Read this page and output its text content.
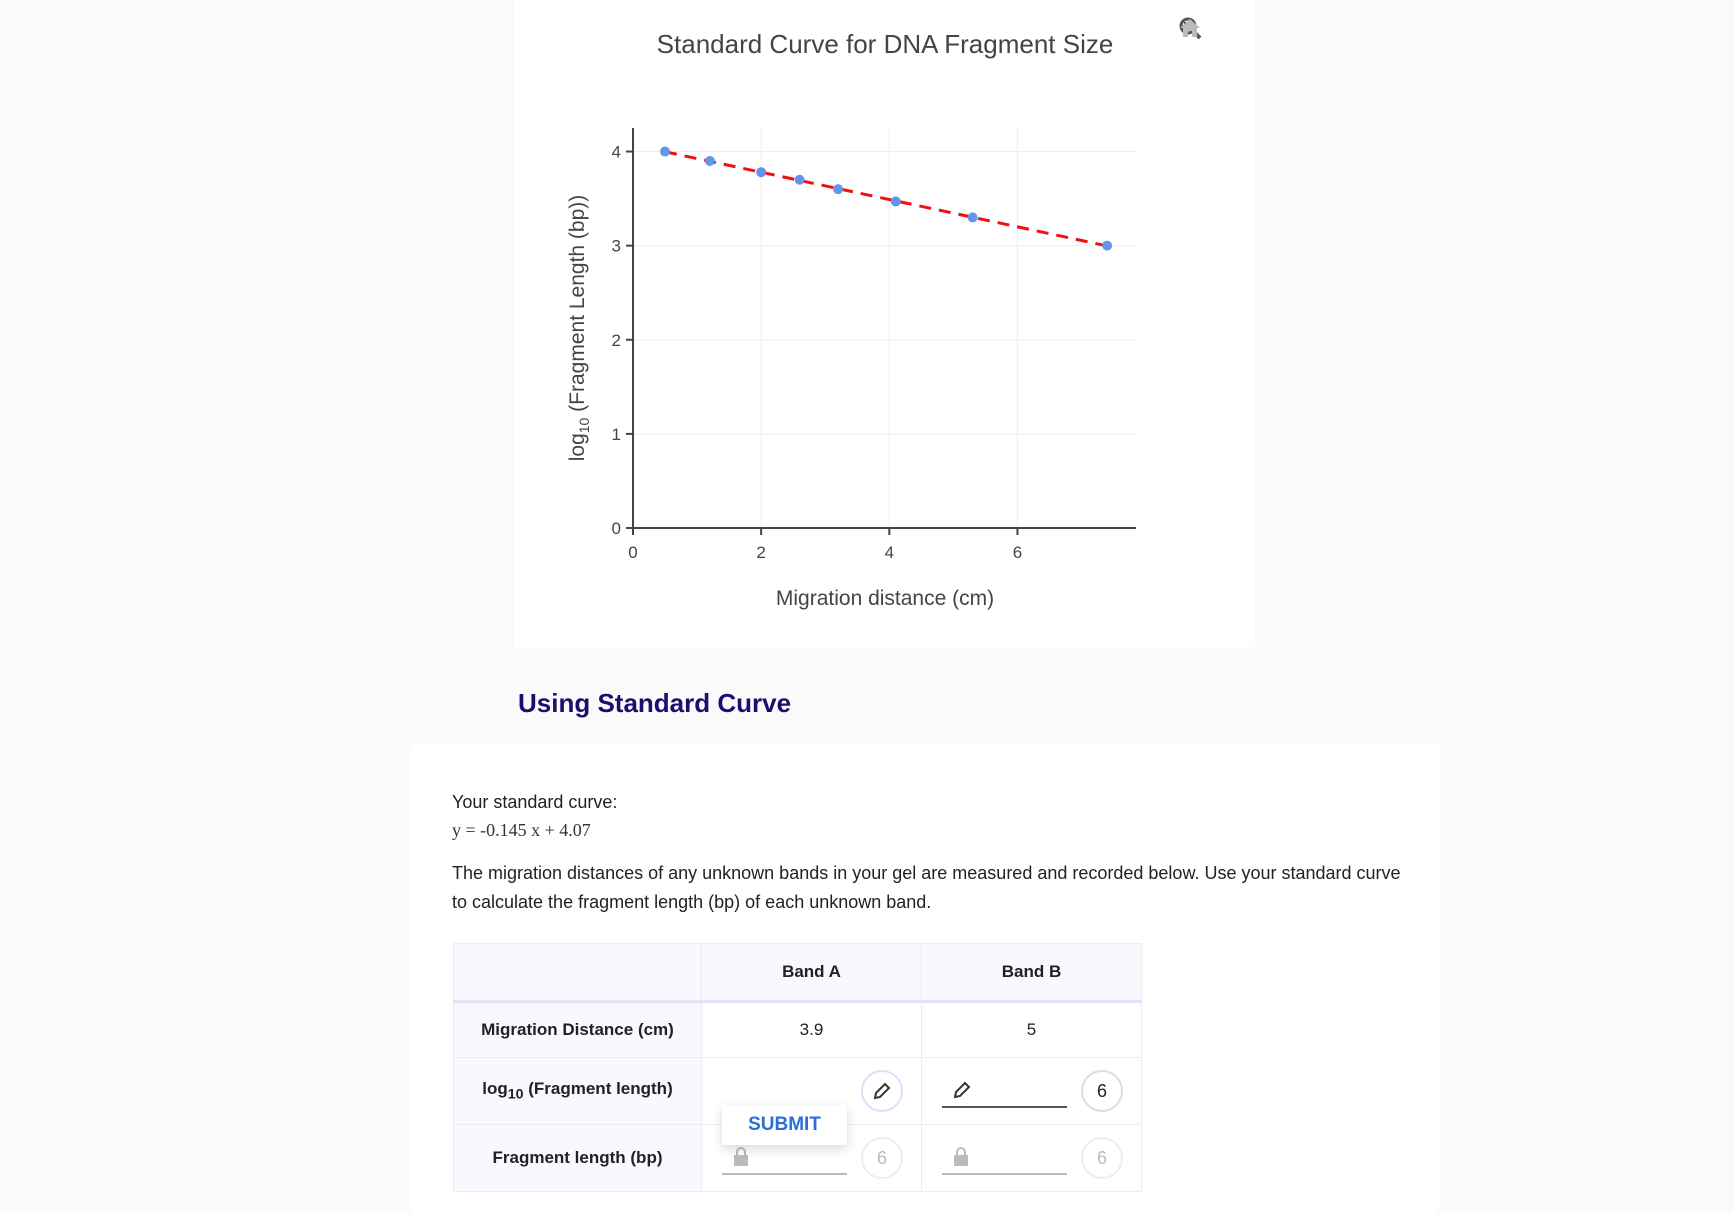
0	2	4	6
0
1
2
3
4
Standard Curve for DNA Fragment Size
Migration distance (cm)
$\log_{10}$ (Fragment Length (bp))
Using Standard Curve
Your standard curve:
y = -0.145 x + 4.07
The migration distances of any unknown bands in your gel are measured and recorded below. Use your standard curve to calculate the fragment length (bp) of each unknown band.
	Band A	Band B
Migration Distance (cm)	3.9	5
$\log_{10}$ (Fragment length)		6

Fragment length (bp)	SUBMIT
6	6
